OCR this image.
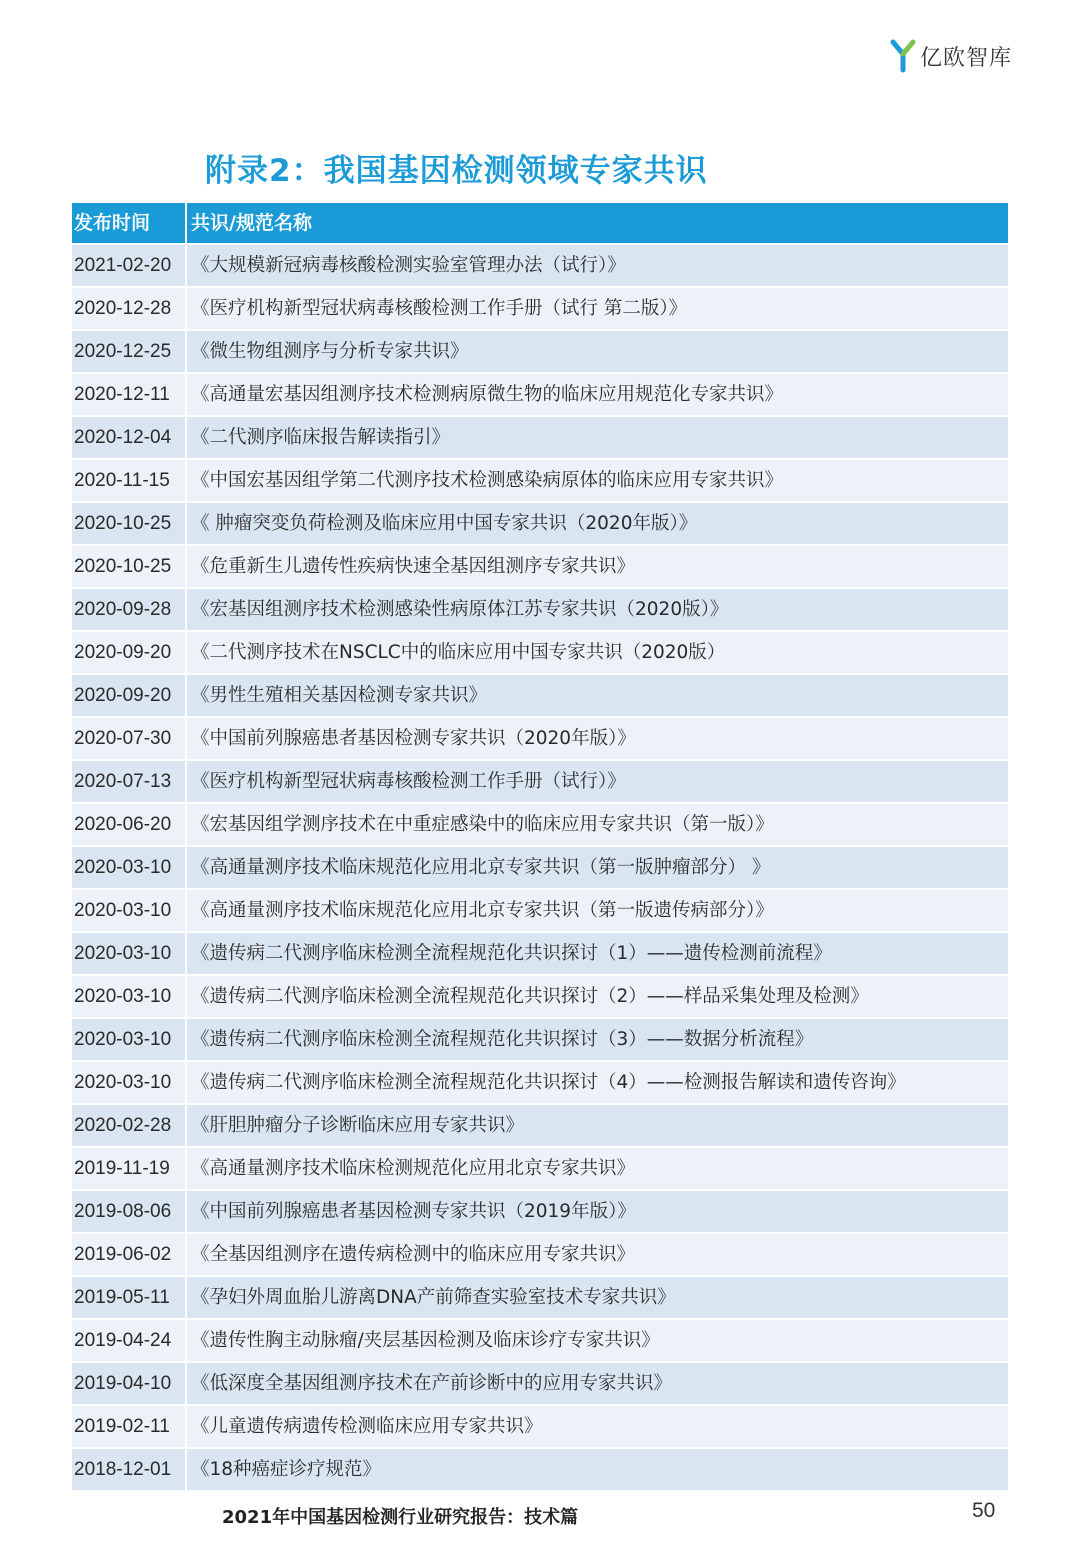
亿欧智库
附录2：我国基因检测领域专家共识
发布时间	共识/规范名称
2021-02-20	《大规模新冠病毒核酸检测实验室管理办法（试行）》
2020-12-28	《医疗机构新型冠状病毒核酸检测工作手册（试行 第二版）》
2020-12-25	《微生物组测序与分析专家共识》
2020-12-11	《高通量宏基因组测序技术检测病原微生物的临床应用规范化专家共识》
2020-12-04	《二代测序临床报告解读指引》
2020-11-15	《中国宏基因组学第二代测序技术检测感染病原体的临床应用专家共识》
2020-10-25	《 肿瘤突变负荷检测及临床应用中国专家共识（2020年版）》
2020-10-25	《危重新生儿遗传性疾病快速全基因组测序专家共识》
2020-09-28	《宏基因组测序技术检测感染性病原体江苏专家共识（2020版）》
2020-09-20	《二代测序技术在NSCLC中的临床应用中国专家共识（2020版）
2020-09-20	《男性生殖相关基因检测专家共识》
2020-07-30	《中国前列腺癌患者基因检测专家共识（2020年版）》
2020-07-13	《医疗机构新型冠状病毒核酸检测工作手册（试行）》
2020-06-20	《宏基因组学测序技术在中重症感染中的临床应用专家共识（第一版）》
2020-03-10	《高通量测序技术临床规范化应用北京专家共识（第一版肿瘤部分） 》
2020-03-10	《高通量测序技术临床规范化应用北京专家共识（第一版遗传病部分）》
2020-03-10	《遗传病二代测序临床检测全流程规范化共识探讨（1）——遗传检测前流程》
2020-03-10	《遗传病二代测序临床检测全流程规范化共识探讨（2）——样品采集处理及检测》
2020-03-10	《遗传病二代测序临床检测全流程规范化共识探讨（3）——数据分析流程》
2020-03-10	《遗传病二代测序临床检测全流程规范化共识探讨（4）——检测报告解读和遗传咨询》
2020-02-28	《肝胆肿瘤分子诊断临床应用专家共识》
2019-11-19	《高通量测序技术临床检测规范化应用北京专家共识》
2019-08-06	《中国前列腺癌患者基因检测专家共识（2019年版）》
2019-06-02	《全基因组测序在遗传病检测中的临床应用专家共识》
2019-05-11	《孕妇外周血胎儿游离DNA产前筛查实验室技术专家共识》
2019-04-24	《遗传性胸主动脉瘤/夹层基因检测及临床诊疗专家共识》
2019-04-10	《低深度全基因组测序技术在产前诊断中的应用专家共识》
2019-02-11	《儿童遗传病遗传检测临床应用专家共识》
2018-12-01	《18种癌症诊疗规范》
2021年中国基因检测行业研究报告：技术篇	50
